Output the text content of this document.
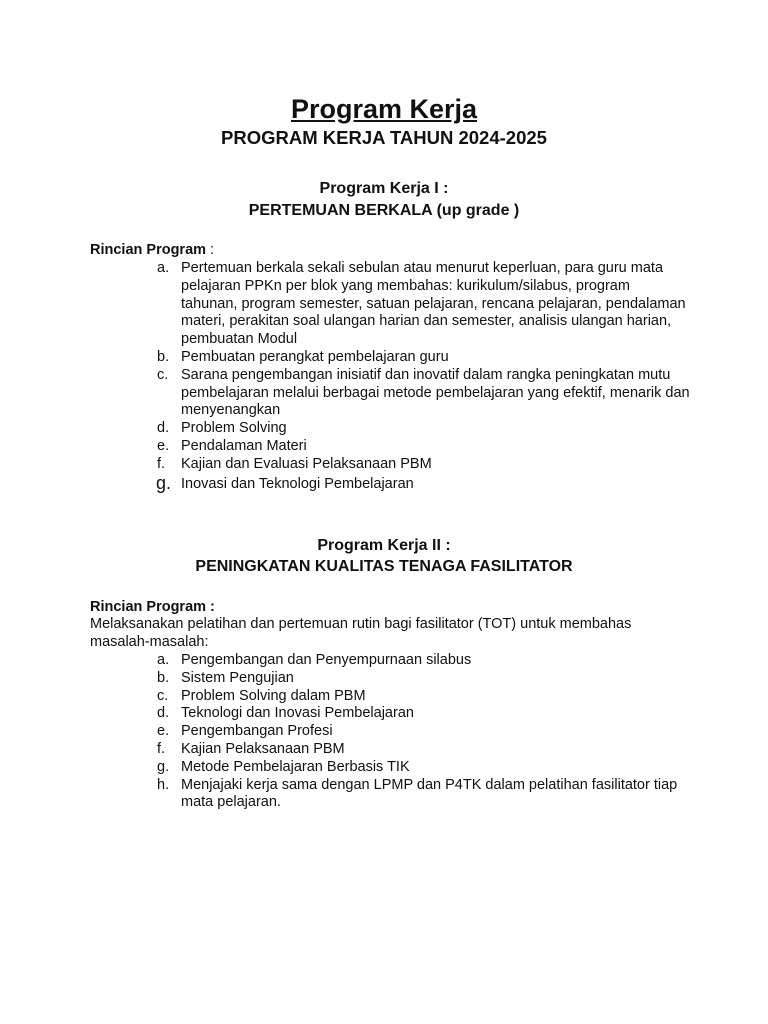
Program Kerja
PROGRAM KERJA TAHUN 2024-2025
Program Kerja I :
PERTEMUAN BERKALA (up grade )
Rincian Program :
a. Pertemuan berkala sekali sebulan atau menurut keperluan, para guru mata pelajaran PPKn per blok yang membahas: kurikulum/silabus, program tahunan, program semester, satuan pelajaran, rencana pelajaran, pendalaman materi, perakitan soal ulangan harian dan semester, analisis ulangan harian, pembuatan Modul
b. Pembuatan perangkat pembelajaran guru
c. Sarana pengembangan inisiatif dan inovatif dalam rangka peningkatan mutu pembelajaran melalui berbagai metode pembelajaran yang efektif, menarik dan menyenangkan
d. Problem Solving
e. Pendalaman Materi
f. Kajian dan Evaluasi Pelaksanaan PBM
g. Inovasi dan Teknologi Pembelajaran
Program Kerja II :
PENINGKATAN KUALITAS TENAGA FASILITATOR
Rincian Program :
Melaksanakan pelatihan dan pertemuan rutin bagi fasilitator (TOT) untuk membahas masalah-masalah:
a. Pengembangan dan Penyempurnaan silabus
b. Sistem Pengujian
c. Problem Solving dalam PBM
d. Teknologi dan Inovasi Pembelajaran
e. Pengembangan Profesi
f. Kajian Pelaksanaan PBM
g. Metode Pembelajaran Berbasis TIK
h. Menjajaki kerja sama dengan LPMP dan P4TK dalam pelatihan fasilitator tiap mata pelajaran.
